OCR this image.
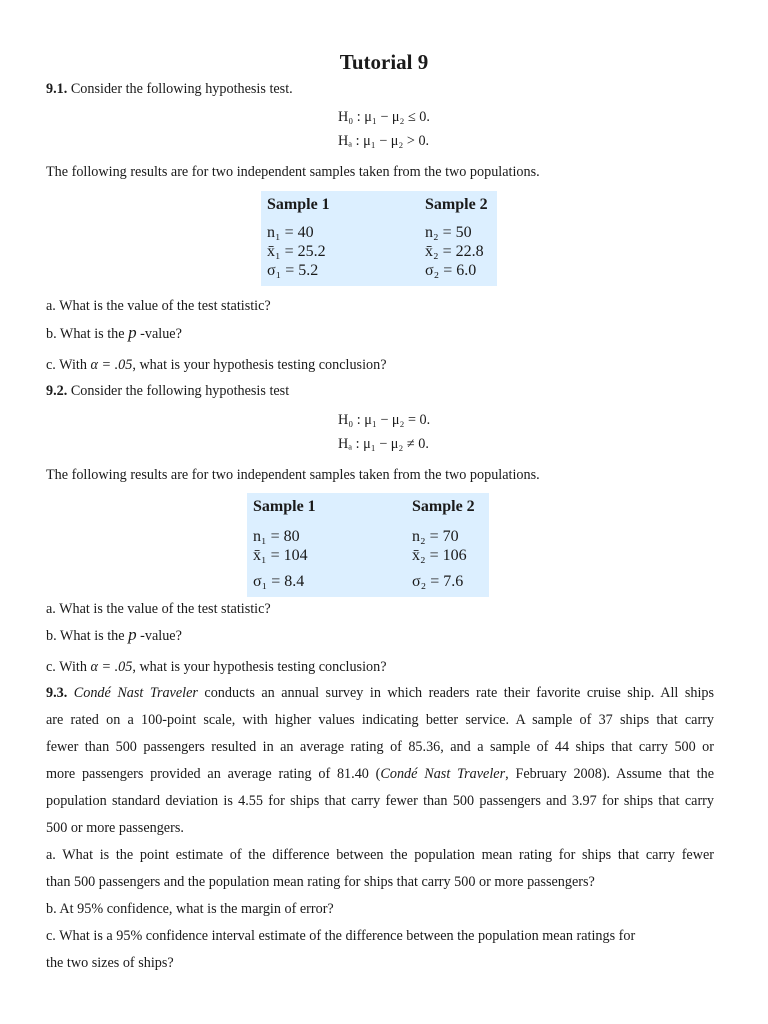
Tutorial 9
9.1. Consider the following hypothesis test.
H₀ : μ₁ − μ₂ ≤ 0.
Hₐ : μ₁ − μ₂ > 0.
The following results are for two independent samples taken from the two populations.
Sample 1	Sample 2
n₁ = 40
x̄₁ = 25.2
σ₁ = 5.2
n₂ = 50
x̄₂ = 22.8
σ₂ = 6.0
a. What is the value of the test statistic?
b. What is the p -value?
c. With α = .05, what is your hypothesis testing conclusion?
9.2. Consider the following hypothesis test
H₀ : μ₁ − μ₂ = 0.
Hₐ : μ₁ − μ₂ ≠ 0.
The following results are for two independent samples taken from the two populations.
Sample 1	Sample 2
n₁ = 80
x̄₁ = 104
σ₁ = 8.4
n₂ = 70
x̄₂ = 106
σ₂ = 7.6
a. What is the value of the test statistic?
b. What is the p -value?
c. With α = .05, what is your hypothesis testing conclusion?
9.3. Condé Nast Traveler conducts an annual survey in which readers rate their favorite cruise ship. All ships
are rated on a 100-point scale, with higher values indicating better service. A sample of 37 ships that carry
fewer than 500 passengers resulted in an average rating of 85.36, and a sample of 44 ships that carry 500 or
more passengers provided an average rating of 81.40 (Condé Nast Traveler, February 2008). Assume that the
population standard deviation is 4.55 for ships that carry fewer than 500 passengers and 3.97 for ships that carry
500 or more passengers.
a. What is the point estimate of the difference between the population mean rating for ships that carry fewer
than 500 passengers and the population mean rating for ships that carry 500 or more passengers?
b. At 95% confidence, what is the margin of error?
c. What is a 95% confidence interval estimate of the difference between the population mean ratings for
the two sizes of ships?
